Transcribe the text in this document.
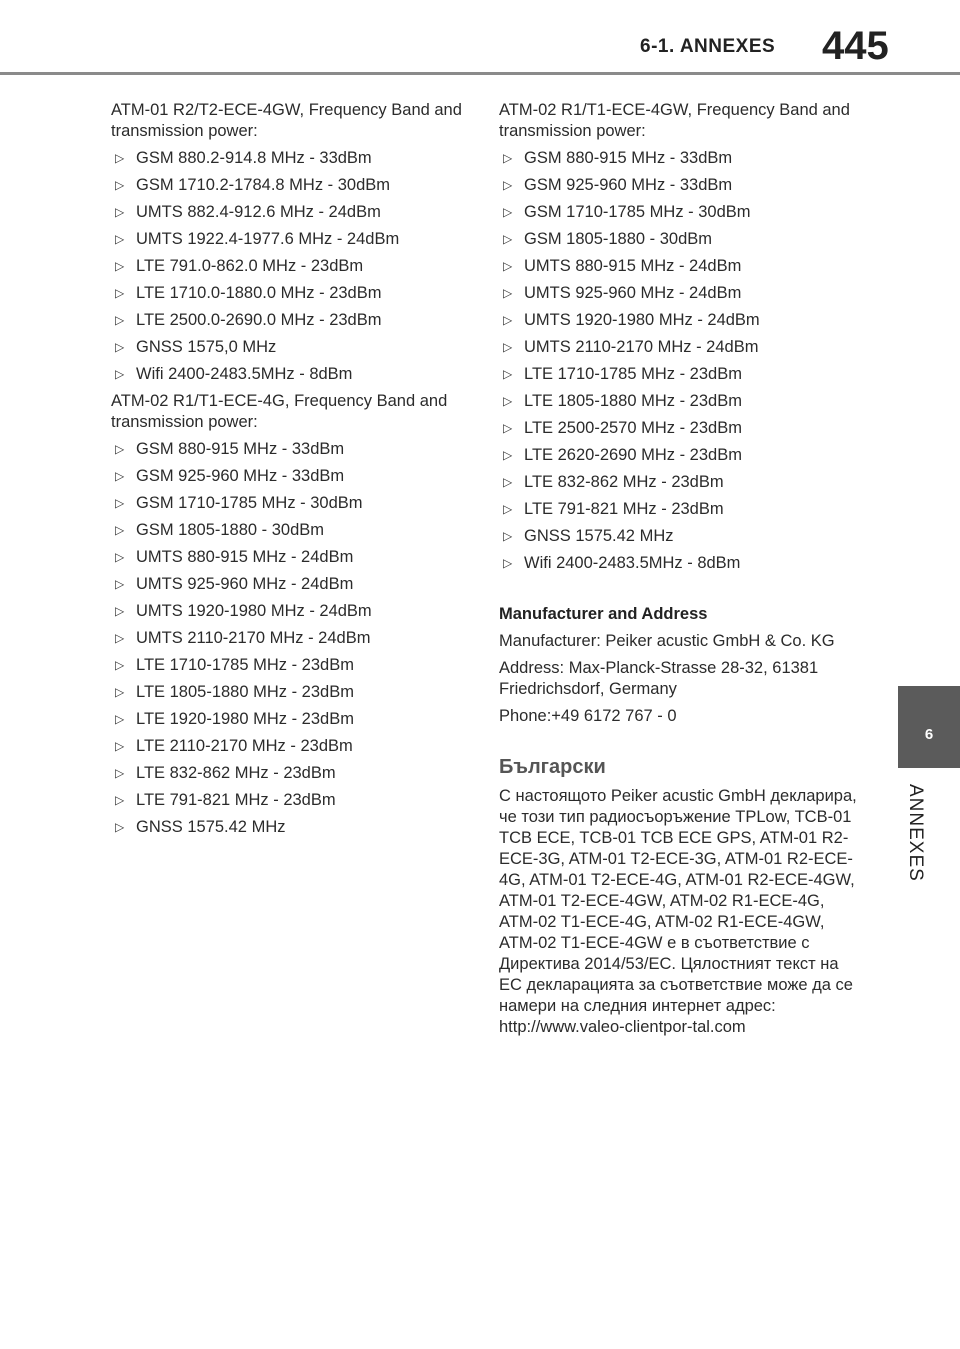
6-1. ANNEXES 445
6
ANNEXES

ATM-01 R2/T2-ECE-4GW, Frequency Band and transmission power:

▷ GSM 880.2-914.8 MHz - 33dBm
▷ GSM 1710.2-1784.8 MHz - 30dBm
▷ UMTS 882.4-912.6 MHz - 24dBm
▷ UMTS 1922.4-1977.6 MHz - 24dBm
▷ LTE 791.0-862.0 MHz - 23dBm
▷ LTE 1710.0-1880.0 MHz - 23dBm
▷ LTE 2500.0-2690.0 MHz - 23dBm
▷ GNSS 1575,0 MHz
▷ Wifi 2400-2483.5MHz - 8dBm

ATM-02 R1/T1-ECE-4G, Frequency Band and transmission power:

▷ GSM 880-915 MHz - 33dBm
▷ GSM 925-960 MHz - 33dBm
▷ GSM 1710-1785 MHz - 30dBm
▷ GSM 1805-1880 - 30dBm
▷ UMTS 880-915 MHz - 24dBm
▷ UMTS 925-960 MHz - 24dBm
▷ UMTS 1920-1980 MHz - 24dBm
▷ UMTS 2110-2170 MHz - 24dBm
▷ LTE 1710-1785 MHz - 23dBm
▷ LTE 1805-1880 MHz - 23dBm
▷ LTE 1920-1980 MHz - 23dBm
▷ LTE 2110-2170 MHz - 23dBm
▷ LTE 832-862 MHz - 23dBm
▷ LTE 791-821 MHz - 23dBm
▷ GNSS 1575.42 MHz

ATM-02 R1/T1-ECE-4GW, Frequency Band and transmission power:

▷ GSM 880-915 MHz - 33dBm
▷ GSM 925-960 MHz - 33dBm
▷ GSM 1710-1785 MHz - 30dBm
▷ GSM 1805-1880 - 30dBm
▷ UMTS 880-915 MHz - 24dBm
▷ UMTS 925-960 MHz - 24dBm
▷ UMTS 1920-1980 MHz - 24dBm
▷ UMTS 2110-2170 MHz - 24dBm
▷ LTE 1710-1785 MHz - 23dBm
▷ LTE 1805-1880 MHz - 23dBm
▷ LTE 2500-2570 MHz - 23dBm
▷ LTE 2620-2690 MHz - 23dBm
▷ LTE 832-862 MHz - 23dBm
▷ LTE 791-821 MHz - 23dBm
▷ GNSS 1575.42 MHz
▷ Wifi 2400-2483.5MHz - 8dBm
Manufacturer and Address

Manufacturer: Peiker acustic GmbH & Co. KG

Address: Max-Planck-Strasse 28-32, 61381 Friedrichsdorf, Germany

Phone:+49 6172 767 - 0

Български

С настоящото Peiker acustic GmbH декларира, че този тип радиосъоръжение TPLow, TCB-01 TCB ECE, TCB-01 TCB ECE GPS, ATM-01 R2-ECE-3G, ATM-01 T2-ECE-3G, ATM-01 R2-ECE-4G, ATM-01 T2-ECE-4G, ATM-01 R2-ECE-4GW, ATM-01 T2-ECE-4GW, ATM-02 R1-ECE-4G, ATM-02 T1-ECE-4G, ATM-02 R1-ECE-4GW, ATM-02 T1-ECE-4GW е в съответствие с Директива 2014/53/ЕС. Цялостният текст на ЕС декларацията за съответствие може да се намери на следния интернет адрес: http://www.valeo-clientpor-tal.com
